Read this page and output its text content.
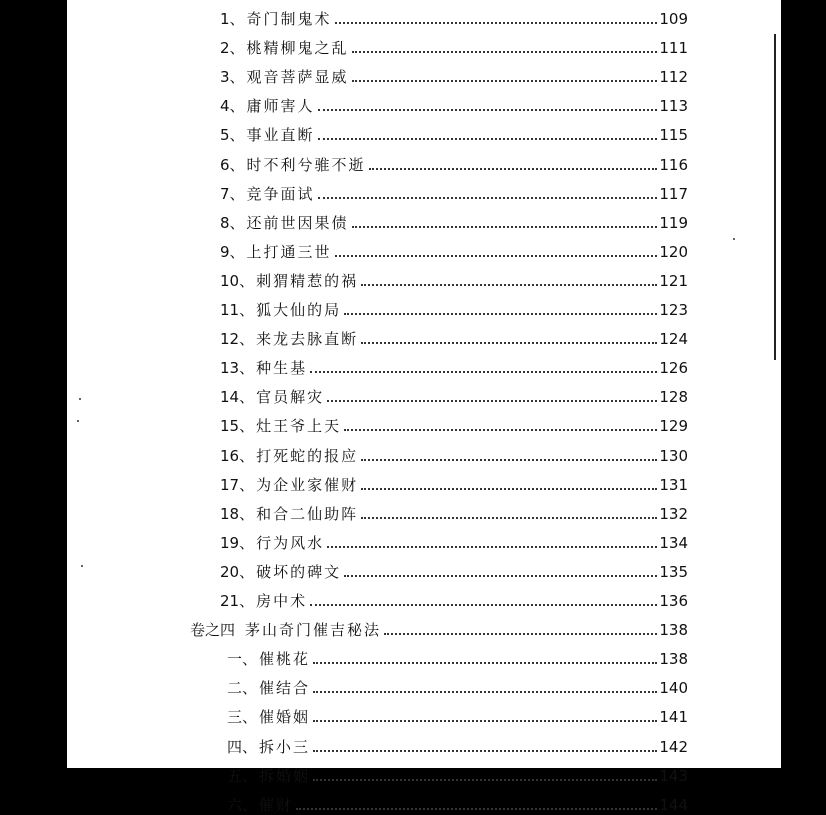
1、 奇门制鬼术	109
2、 桃精柳鬼之乱	111
3、 观音菩萨显威	112
4、 庸师害人	113
5、 事业直断	115
6、 时不利兮骓不逝	116
7、 竞争面试	117
8、 还前世因果债	119
9、 上打通三世	120
10、 刺猬精惹的祸	121
11、 狐大仙的局	123
12、 来龙去脉直断	124
13、 种生基	126
14、 官员解灾	128
15、 灶王爷上天	129
16、 打死蛇的报应	130
17、 为企业家催财	131
18、 和合二仙助阵	132
19、 行为风水	134
20、 破坏的碑文	135
21、 房中术	136
卷之四 茅山奇门催吉秘法	138
一、 催桃花	138
二、 催结合	140
三、 催婚姻	141
四、 拆小三	142
五、 拆婚姻	143
六、 催财	144
